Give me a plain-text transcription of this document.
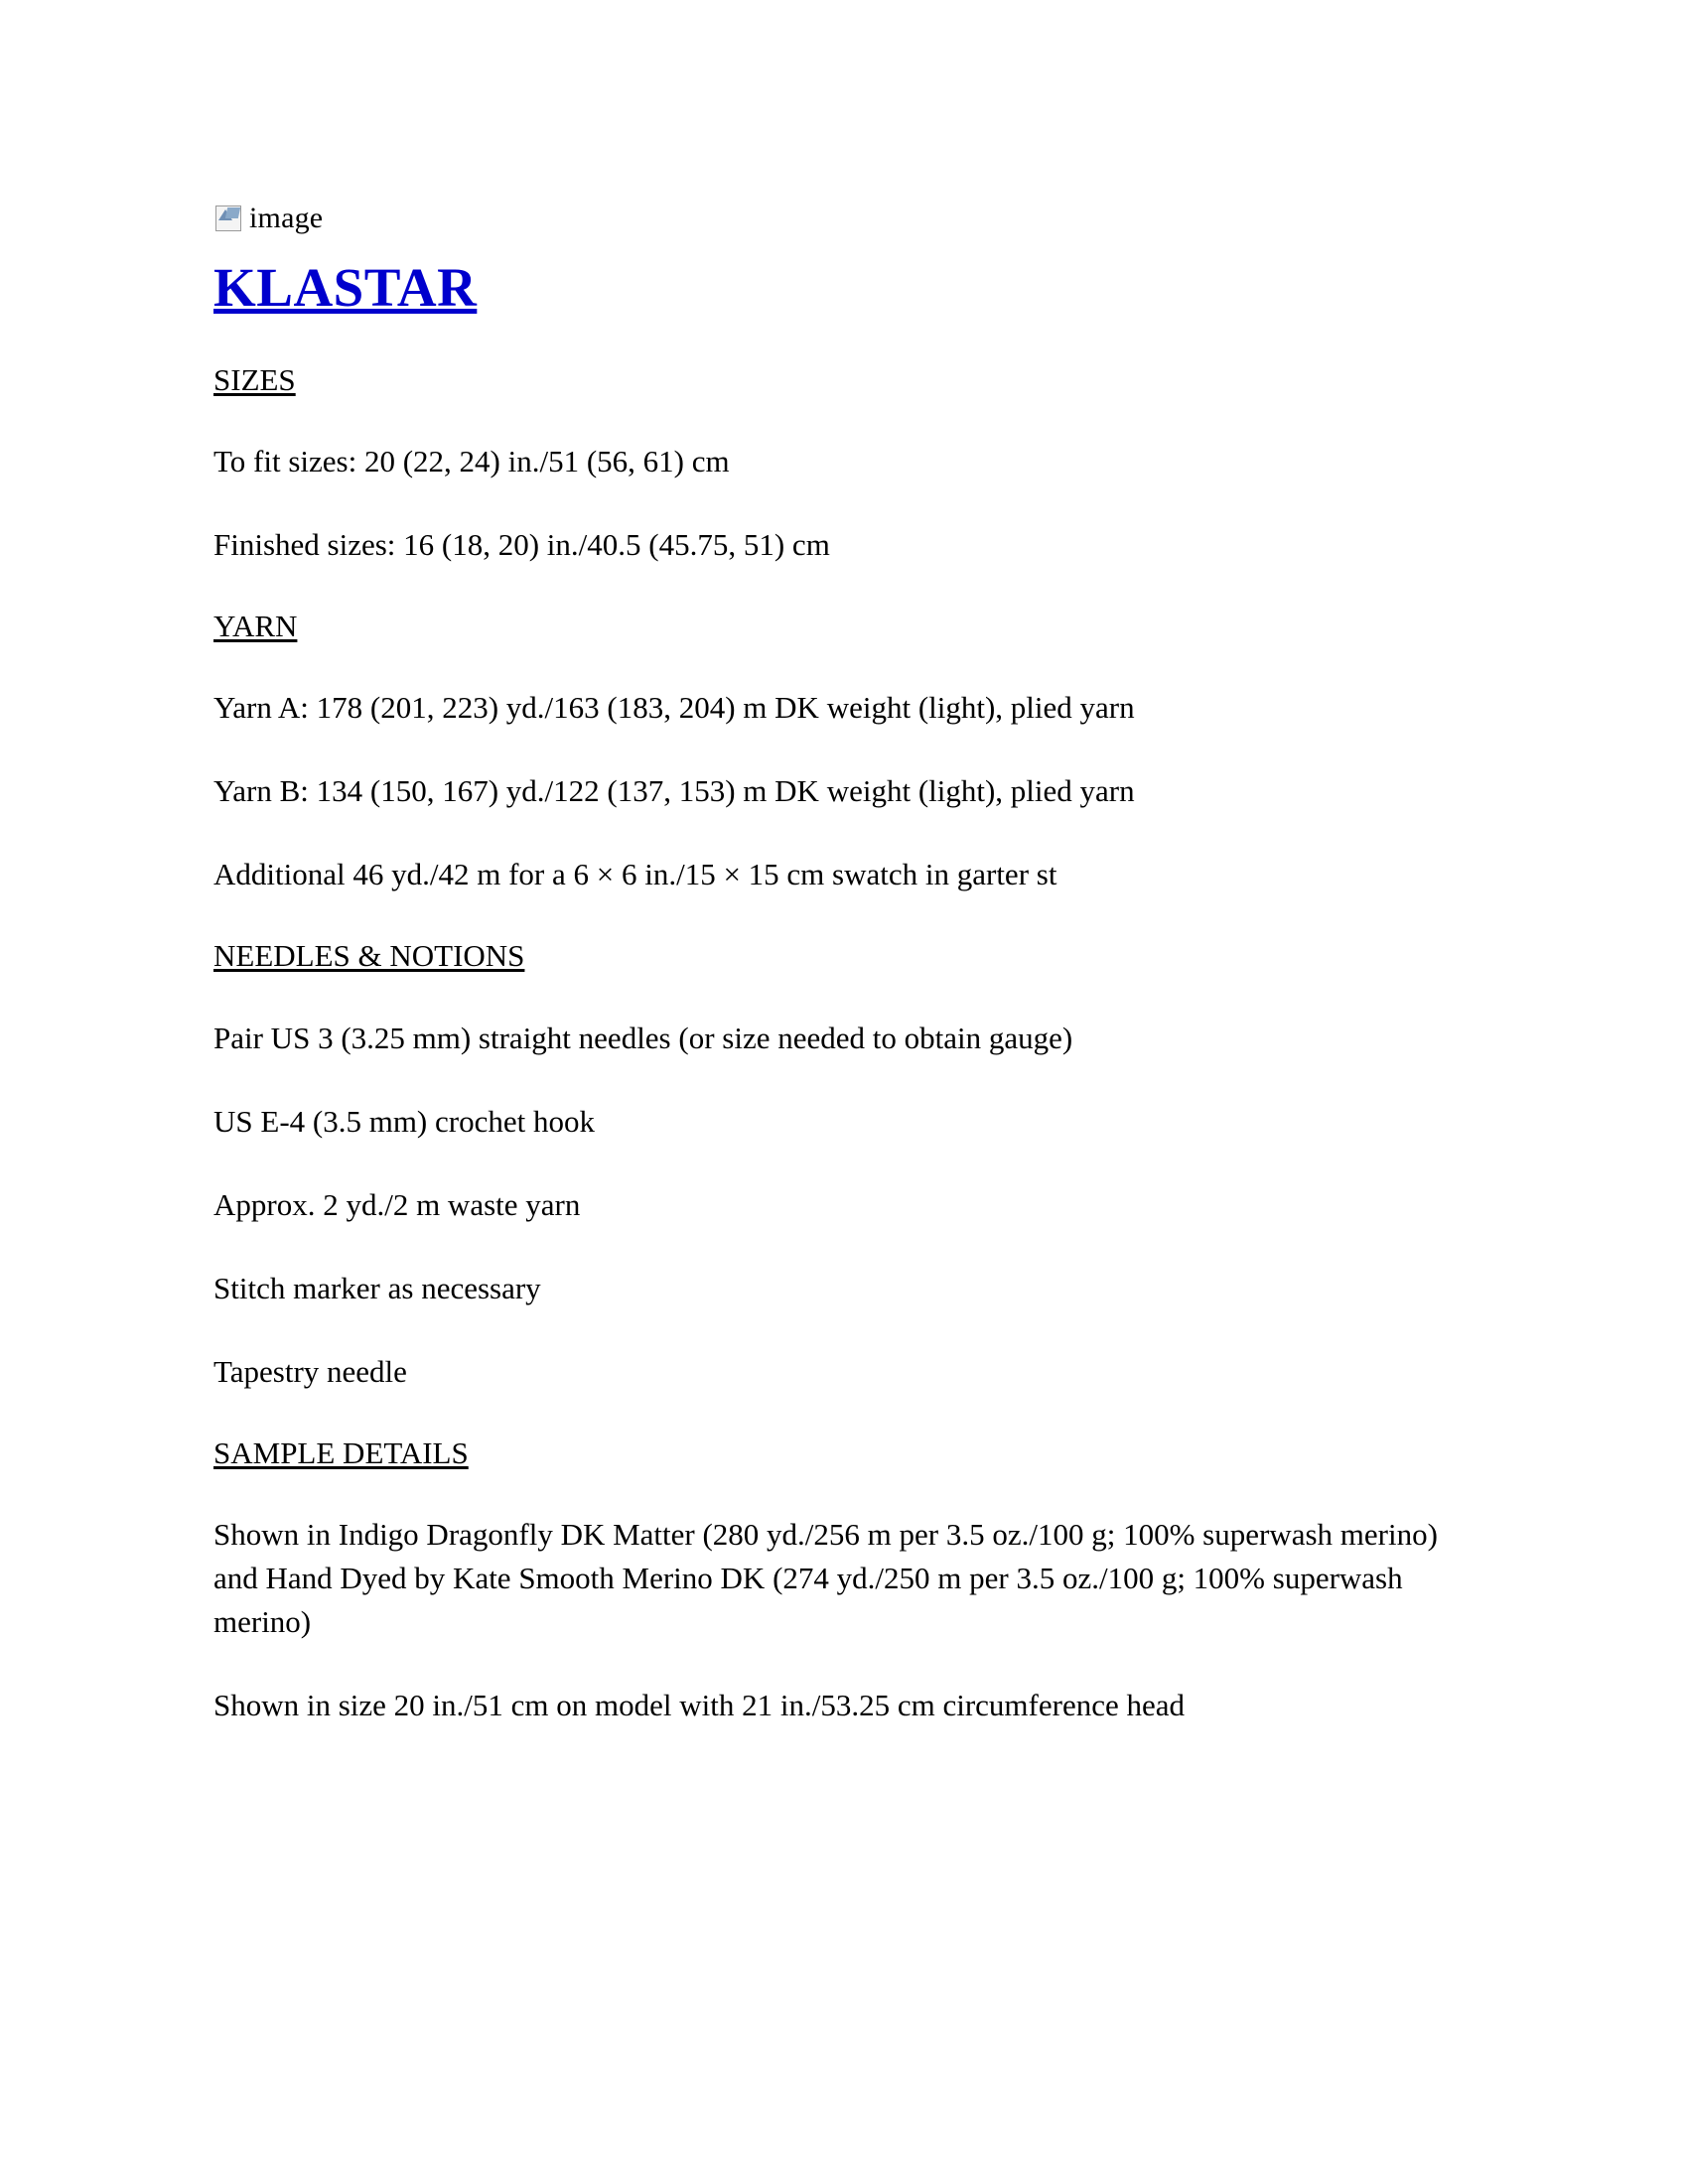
image
KLASTAR
SIZES

To fit sizes: 20 (22, 24) in./51 (56, 61) cm

Finished sizes: 16 (18, 20) in./40.5 (45.75, 51) cm

YARN

Yarn A: 178 (201, 223) yd./163 (183, 204) m DK weight (light), plied yarn

Yarn B: 134 (150, 167) yd./122 (137, 153) m DK weight (light), plied yarn

Additional 46 yd./42 m for a 6 × 6 in./15 × 15 cm swatch in garter st

NEEDLES & NOTIONS

Pair US 3 (3.25 mm) straight needles (or size needed to obtain gauge)

US E-4 (3.5 mm) crochet hook

Approx. 2 yd./2 m waste yarn

Stitch marker as necessary

Tapestry needle

SAMPLE DETAILS

Shown in Indigo Dragonfly DK Matter (280 yd./256 m per 3.5 oz./100 g; 100% superwash merino) and Hand Dyed by Kate Smooth Merino DK (274 yd./250 m per 3.5 oz./100 g; 100% superwash merino)

Shown in size 20 in./51 cm on model with 21 in./53.25 cm circumference head
